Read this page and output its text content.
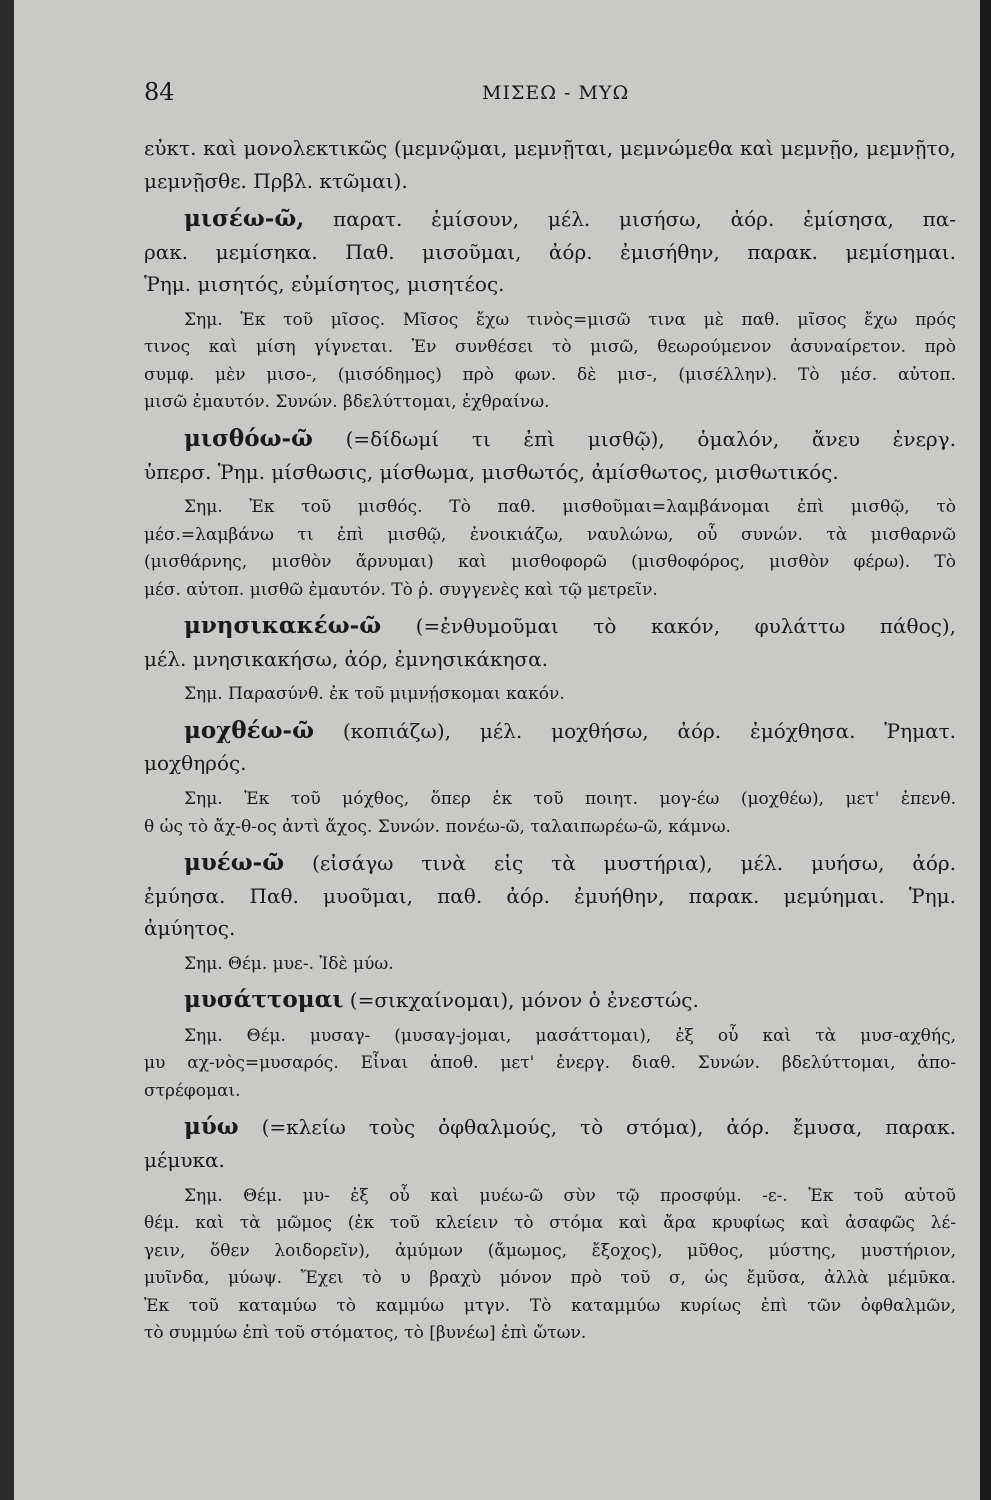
84	ΜΙΣΕΩ - ΜΥΩ
εὐκτ. καὶ μονολεκτικῶς (μεμνῷμαι, μεμνῇται, μεμνώμεθα καὶ μεμνῇο, μεμνῇτο,
μεμνῇσθε. Πρβλ. κτῶμαι).
μισέω-ῶ, παρατ. ἐμίσουν, μέλ. μισήσω, ἀόρ. ἐμίσησα, πα-
ρακ. μεμίσηκα. Παθ. μισοῦμαι, ἀόρ. ἐμισήθην, παρακ. μεμίσημαι.
Ῥημ. μισητός, εὐμίσητος, μισητέος.
Σημ. Ἐκ τοῦ μῖσος. Μῖσος ἔχω τινὸς=μισῶ τινα μὲ παθ. μῖσος ἔχω πρός
τινος καὶ μίση γίγνεται. Ἐν συνθέσει τὸ μισῶ, θεωρούμενον ἀσυναίρετον. πρὸ
συμφ. μὲν μισο-, (μισόδημος) πρὸ φων. δὲ μισ-, (μισέλλην). Τὸ μέσ. αὐτοπ.
μισῶ ἐμαυτόν. Συνών. βδελύττομαι, ἐχθραίνω.
μισθόω-ῶ (=δίδωμί τι ἐπὶ μισθῷ), ὁμαλόν, ἄνευ ἐνεργ.
ὑπερσ. Ῥημ. μίσθωσις, μίσθωμα, μισθωτός, ἀμίσθωτος, μισθωτικός.
Σημ. Ἐκ τοῦ μισθός. Τὸ παθ. μισθοῦμαι=λαμβάνομαι ἐπὶ μισθῷ, τὸ
μέσ.=λαμβάνω τι ἐπὶ μισθῷ, ἐνοικιάζω, ναυλώνω, οὗ συνών. τὰ μισθαρνῶ
(μισθάρνης, μισθὸν ἄρνυμαι) καὶ μισθοφορῶ (μισθοφόρος, μισθὸν φέρω). Τὸ
μέσ. αὐτοπ. μισθῶ ἐμαυτόν. Τὸ ῥ. συγγενὲς καὶ τῷ μετρεῖν.
μνησικακέω-ῶ (=ἐνθυμοῦμαι τὸ κακόν, φυλάττω πάθος),
μέλ. μνησικακήσω, ἀόρ, ἐμνησικάκησα.
Σημ. Παρασύνθ. ἐκ τοῦ μιμνῄσκομαι κακόν.
μοχθέω-ῶ (κοπιάζω), μέλ. μοχθήσω, ἀόρ. ἐμόχθησα. Ῥηματ.
μοχθηρός.
Σημ. Ἐκ τοῦ μόχθος, ὅπερ ἐκ τοῦ ποιητ. μογ-έω (μοχθέω), μετ' ἐπενθ.
θ ὡς τὸ ἄχ-θ-ος ἀντὶ ἄχος. Συνών. πονέω-ῶ, ταλαιπωρέω-ῶ, κάμνω.
μυέω-ῶ (εἰσάγω τινὰ εἰς τὰ μυστήρια), μέλ. μυήσω, ἀόρ.
ἐμύησα. Παθ. μυοῦμαι, παθ. ἀόρ. ἐμυήθην, παρακ. μεμύημαι. Ῥημ.
ἀμύητος.
Σημ. Θέμ. μυε-. Ἰδὲ μύω.
μυσάττομαι (=σικχαίνομαι), μόνον ὁ ἐνεστώς.
Σημ. Θέμ. μυσαγ- (μυσαγ-joμαι, μασάττομαι), ἐξ οὗ καὶ τὰ μυσ-αχθής,
μυ αχ-νὸς=μυσαρός. Εἶναι ἀποθ. μετ' ἐνεργ. διαθ. Συνών. βδελύττομαι, ἀπο-
στρέφομαι.
μύω (=κλείω τοὺς ὀφθαλμούς, τὸ στόμα), ἀόρ. ἔμυσα, παρακ.
μέμυκα.
Σημ. Θέμ. μυ- ἐξ οὗ καὶ μυέω-ῶ σὺν τῷ προσφύμ. -ε-. Ἐκ τοῦ αὐτοῦ
θέμ. καὶ τὰ μῶμος (ἐκ τοῦ κλείειν τὸ στόμα καὶ ἄρα κρυφίως καὶ ἀσαφῶς λέ-
γειν, ὅθεν λοιδορεῖν), ἀμύμων (ἄμωμος, ἔξοχος), μῦθος, μύστης, μυστήριον,
μυῖνδα, μύωψ. Ἔχει τὸ υ βραχὺ μόνον πρὸ τοῦ σ, ὡς ἔμῦσα, ἀλλὰ μέμῡκα.
Ἐκ τοῦ καταμύω τὸ καμμύω μτγν. Τὸ καταμμύω κυρίως ἐπὶ τῶν ὀφθαλμῶν,
τὸ συμμύω ἐπὶ τοῦ στόματος, τὸ [βυνέω] ἐπὶ ὤτων.
